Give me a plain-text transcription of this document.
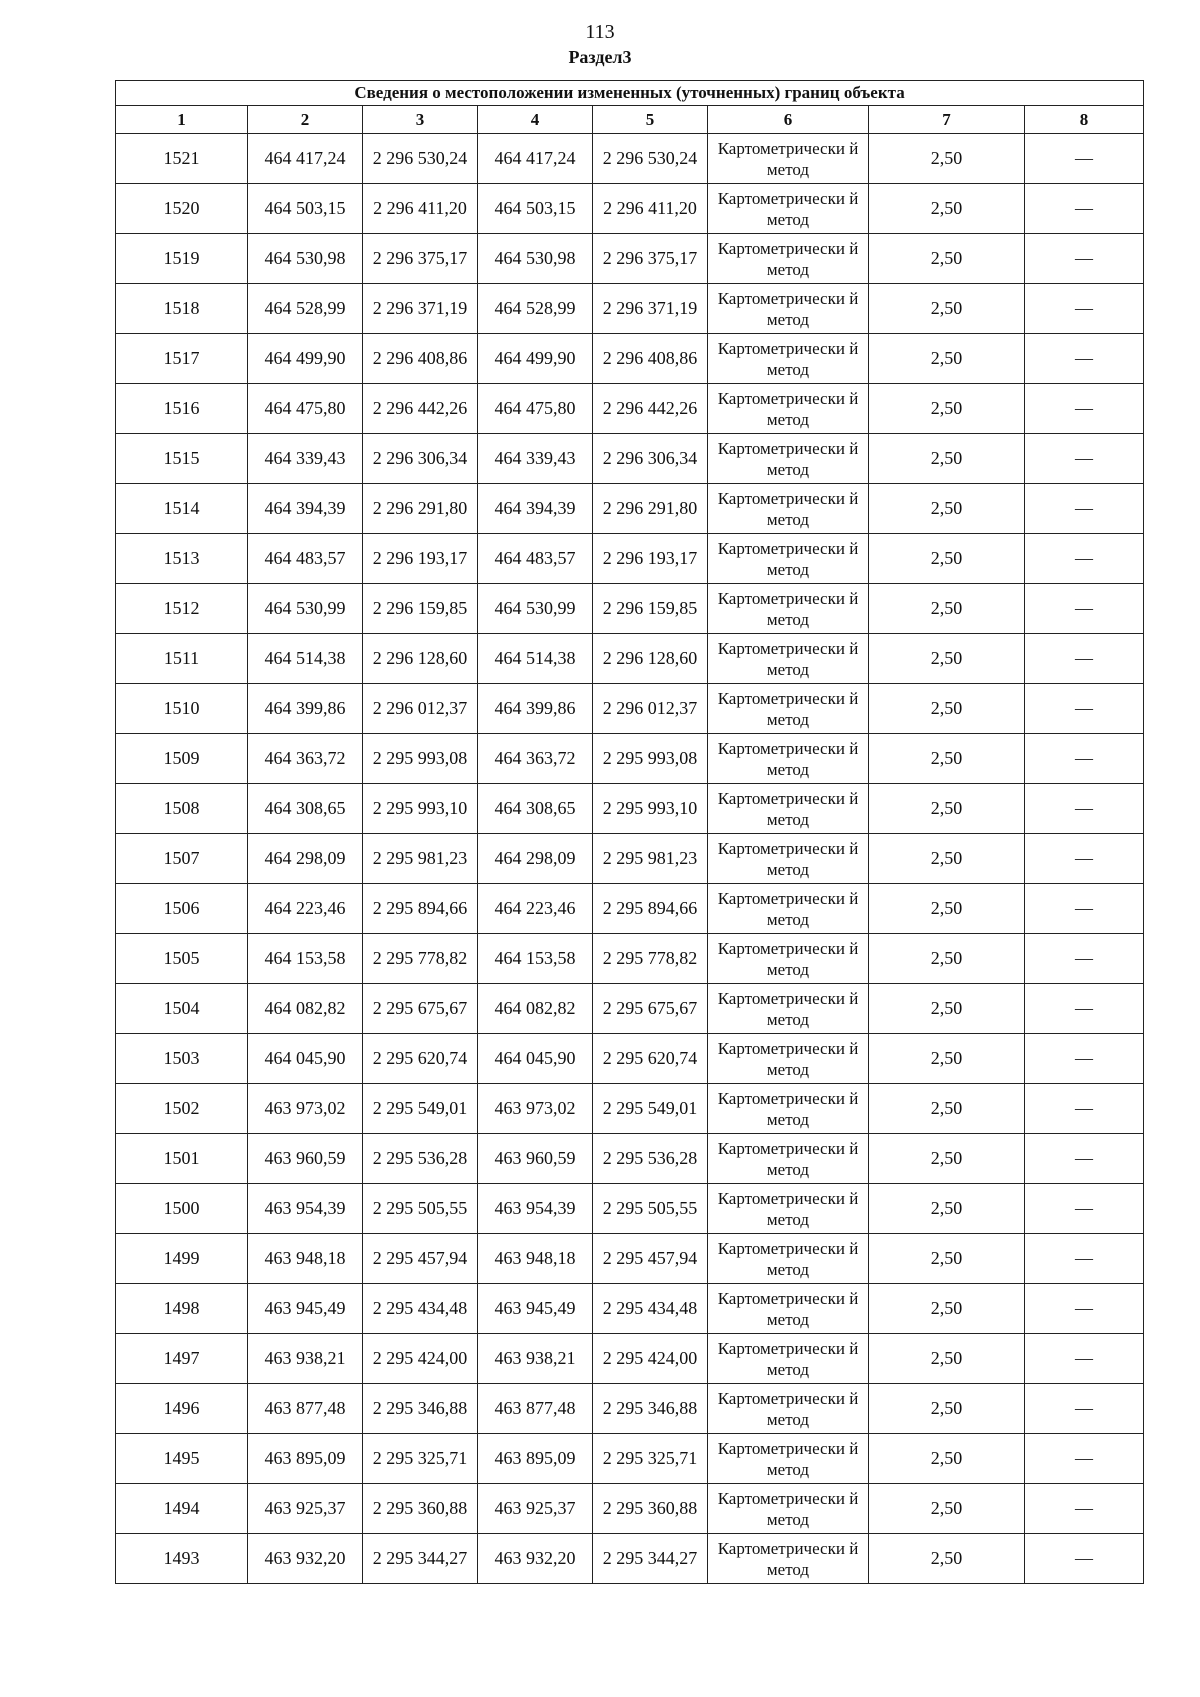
113
Раздел3
Сведения о местоположении измененных (уточненных) границ объекта							
1	2	3	4	5	6	7	8
1521	464 417,24	2 296 530,24	464 417,24	2 296 530,24	Картометрически й метод	2,50	—
1520	464 503,15	2 296 411,20	464 503,15	2 296 411,20	Картометрически й метод	2,50	—
1519	464 530,98	2 296 375,17	464 530,98	2 296 375,17	Картометрически й метод	2,50	—
1518	464 528,99	2 296 371,19	464 528,99	2 296 371,19	Картометрически й метод	2,50	—
1517	464 499,90	2 296 408,86	464 499,90	2 296 408,86	Картометрически й метод	2,50	—
1516	464 475,80	2 296 442,26	464 475,80	2 296 442,26	Картометрически й метод	2,50	—
1515	464 339,43	2 296 306,34	464 339,43	2 296 306,34	Картометрически й метод	2,50	—
1514	464 394,39	2 296 291,80	464 394,39	2 296 291,80	Картометрически й метод	2,50	—
1513	464 483,57	2 296 193,17	464 483,57	2 296 193,17	Картометрически й метод	2,50	—
1512	464 530,99	2 296 159,85	464 530,99	2 296 159,85	Картометрически й метод	2,50	—
1511	464 514,38	2 296 128,60	464 514,38	2 296 128,60	Картометрически й метод	2,50	—
1510	464 399,86	2 296 012,37	464 399,86	2 296 012,37	Картометрически й метод	2,50	—
1509	464 363,72	2 295 993,08	464 363,72	2 295 993,08	Картометрически й метод	2,50	—
1508	464 308,65	2 295 993,10	464 308,65	2 295 993,10	Картометрически й метод	2,50	—
1507	464 298,09	2 295 981,23	464 298,09	2 295 981,23	Картометрически й метод	2,50	—
1506	464 223,46	2 295 894,66	464 223,46	2 295 894,66	Картометрически й метод	2,50	—
1505	464 153,58	2 295 778,82	464 153,58	2 295 778,82	Картометрически й метод	2,50	—
1504	464 082,82	2 295 675,67	464 082,82	2 295 675,67	Картометрически й метод	2,50	—
1503	464 045,90	2 295 620,74	464 045,90	2 295 620,74	Картометрически й метод	2,50	—
1502	463 973,02	2 295 549,01	463 973,02	2 295 549,01	Картометрически й метод	2,50	—
1501	463 960,59	2 295 536,28	463 960,59	2 295 536,28	Картометрически й метод	2,50	—
1500	463 954,39	2 295 505,55	463 954,39	2 295 505,55	Картометрически й метод	2,50	—
1499	463 948,18	2 295 457,94	463 948,18	2 295 457,94	Картометрически й метод	2,50	—
1498	463 945,49	2 295 434,48	463 945,49	2 295 434,48	Картометрически й метод	2,50	—
1497	463 938,21	2 295 424,00	463 938,21	2 295 424,00	Картометрически й метод	2,50	—
1496	463 877,48	2 295 346,88	463 877,48	2 295 346,88	Картометрически й метод	2,50	—
1495	463 895,09	2 295 325,71	463 895,09	2 295 325,71	Картометрически й метод	2,50	—
1494	463 925,37	2 295 360,88	463 925,37	2 295 360,88	Картометрически й метод	2,50	—
1493	463 932,20	2 295 344,27	463 932,20	2 295 344,27	Картометрически й метод	2,50	—
